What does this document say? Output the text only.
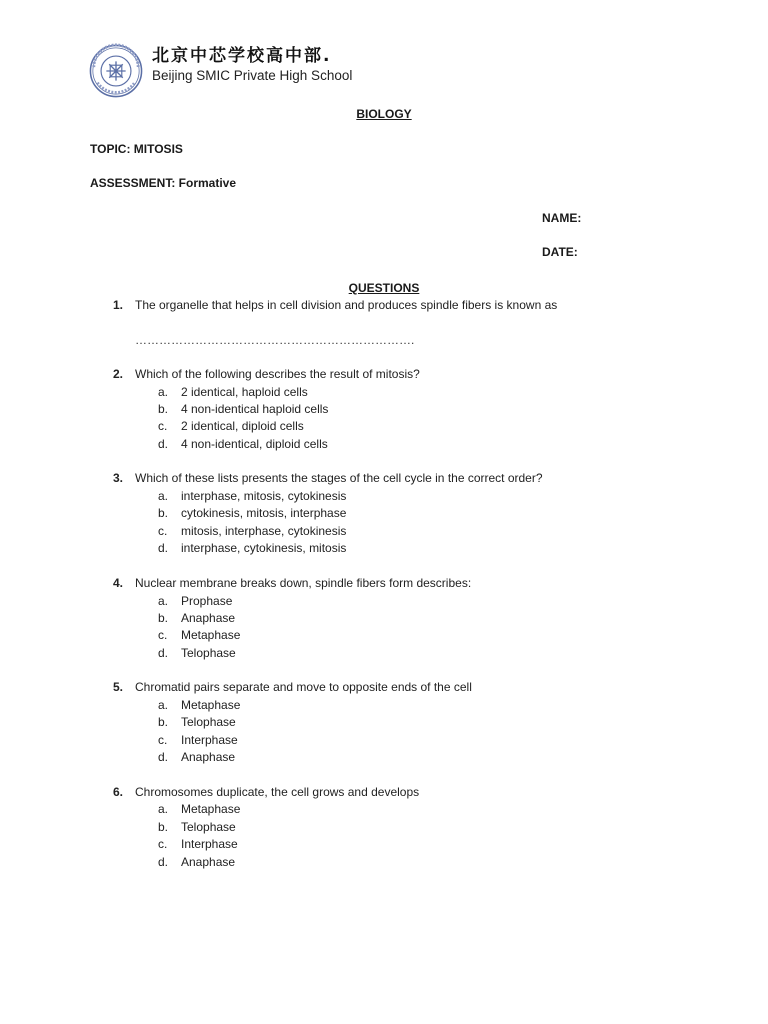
北京中芯学校高中部.
Beijing SMIC Private High School
BIOLOGY
TOPIC: MITOSIS
ASSESSMENT: Formative
NAME:
DATE:
QUESTIONS
1. The organelle that helps in cell division and produces spindle fibers is known as
…………………………………………………………….
2. Which of the following describes the result of mitosis?
a. 2 identical, haploid cells
b. 4 non-identical haploid cells
c. 2 identical, diploid cells
d. 4 non-identical, diploid cells
3. Which of these lists presents the stages of the cell cycle in the correct order?
a. interphase, mitosis, cytokinesis
b. cytokinesis, mitosis, interphase
c. mitosis, interphase, cytokinesis
d. interphase, cytokinesis, mitosis
4. Nuclear membrane breaks down, spindle fibers form describes:
a. Prophase
b. Anaphase
c. Metaphase
d. Telophase
5. Chromatid pairs separate and move to opposite ends of the cell
a. Metaphase
b. Telophase
c. Interphase
d. Anaphase
6. Chromosomes duplicate, the cell grows and develops
a. Metaphase
b. Telophase
c. Interphase
d. Anaphase
